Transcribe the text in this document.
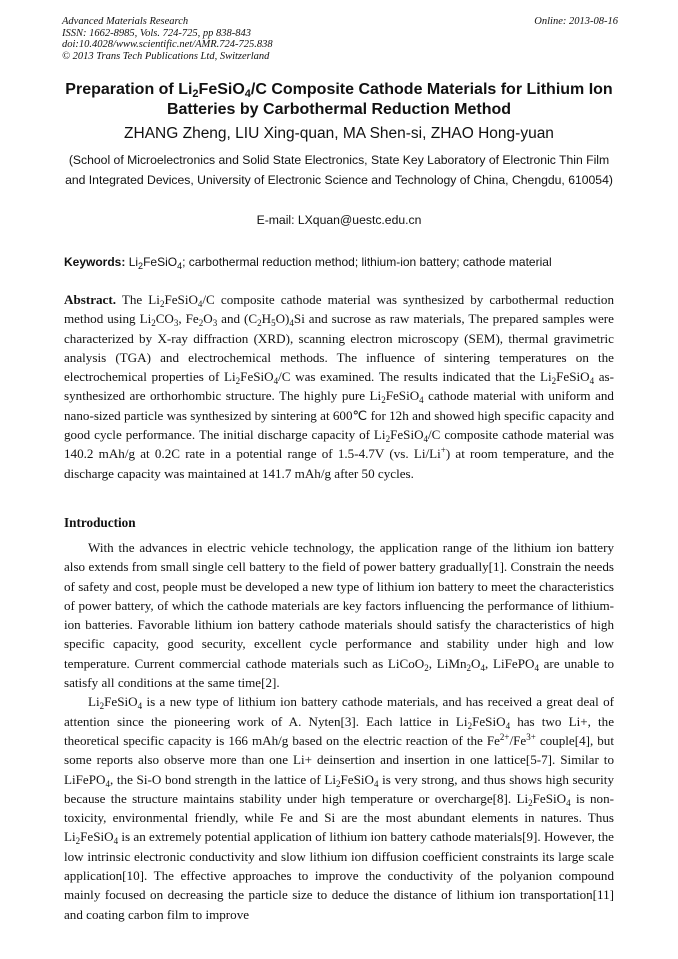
Advanced Materials Research
ISSN: 1662-8985, Vols. 724-725, pp 838-843
doi:10.4028/www.scientific.net/AMR.724-725.838
© 2013 Trans Tech Publications Ltd, Switzerland
Online: 2013-08-16
Preparation of $Li_2FeSiO_4/C$ Composite Cathode Materials for Lithium Ion Batteries by Carbothermal Reduction Method
ZHANG Zheng, LIU Xing-quan, MA Shen-si, ZHAO Hong-yuan
(School of Microelectronics and Solid State Electronics, State Key Laboratory of Electronic Thin Film and Integrated Devices, University of Electronic Science and Technology of China, Chengdu, 610054)
E-mail: LXquan@uestc.edu.cn
Keywords: $Li_2FeSiO_4$; carbothermal reduction method; lithium-ion battery; cathode material
Abstract. The $Li_2FeSiO_4/C$ composite cathode material was synthesized by carbothermal reduction method using $Li_2CO_3$, $Fe_2O_3$ and $(C_2H_5O)_4Si$ and sucrose as raw materials, The prepared samples were characterized by X-ray diffraction (XRD), scanning electron microscopy (SEM), thermal gravimetric analysis (TGA) and electrochemical methods. The influence of sintering temperatures on the electrochemical properties of $Li_2FeSiO_4/C$ was examined. The results indicated that the $Li_2FeSiO_4$ as-synthesized are orthorhombic structure. The highly pure $Li_2FeSiO_4$ cathode material with uniform and nano-sized particle was synthesized by sintering at 600℃ for 12h and showed high specific capacity and good cycle performance. The initial discharge capacity of $Li_2FeSiO_4/C$ composite cathode material was 140.2 mAh/g at 0.2C rate in a potential range of 1.5-4.7V (vs. Li/Li+) at room temperature, and the discharge capacity was maintained at 141.7 mAh/g after 50 cycles.
Introduction

With the advances in electric vehicle technology, the application range of the lithium ion battery also extends from small single cell battery to the field of power battery gradually[1]. Constrain the needs of safety and cost, people must be developed a new type of lithium ion battery to meet the characteristics of power battery, of which the cathode materials are key factors influencing the performance of lithium-ion batteries. Favorable lithium ion battery cathode materials should satisfy the characteristics of high specific capacity, good security, excellent cycle performance and stability under high and low temperature. Current commercial cathode materials such as LiCoO$_2$, $LiMn_2O_4$, LiFePO$_4$ are unable to satisfy all conditions at the same time[2].

$Li_2FeSiO_4$ is a new type of lithium ion battery cathode materials, and has received a great deal of attention since the pioneering work of A. Nyten[3]. Each lattice in $Li_2FeSiO_4$ has two Li+, the theoretical specific capacity is 166 mAh/g based on the electric reaction of the $Fe^{2+}/Fe^{3+}$ couple[4], but some reports also observe more than one Li+ deinsertion and insertion in one lattice[5-7]. Similar to LiFePO$_4$, the Si-O bond strength in the lattice of $Li_2FeSiO_4$ is very strong, and thus shows high security because the structure maintains stability under high temperature or overcharge[8]. $Li_2FeSiO_4$ is non-toxicity, environmental friendly, while Fe and Si are the most abundant elements in natures. Thus $Li_2FeSiO_4$ is an extremely potential application of lithium ion battery cathode materials[9]. However, the low intrinsic electronic conductivity and slow lithium ion diffusion coefficient constraints its large scale application[10]. The effective approaches to improve the conductivity of the polyanion compound mainly focused on decreasing the particle size to deduce the distance of lithium ion transportation[11] and coating carbon film to improve
